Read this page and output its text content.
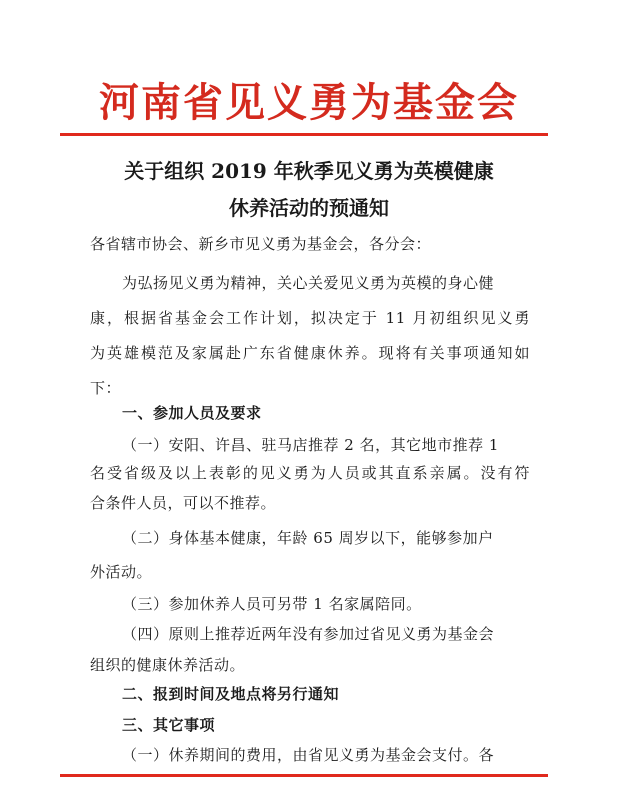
河南省见义勇为基金会
关于组织 2019 年秋季见义勇为英模健康
休养活动的预通知
各省辖市协会、新乡市见义勇为基金会，各分会：
为弘扬见义勇为精神，关心关爱见义勇为英模的身心健
康，根据省基金会工作计划，拟决定于 11 月初组织见义勇
为英雄模范及家属赴广东省健康休养。现将有关事项通知如
下：
一、参加人员及要求
（一）安阳、许昌、驻马店推荐 2 名，其它地市推荐 1
名受省级及以上表彰的见义勇为人员或其直系亲属。没有符
合条件人员，可以不推荐。
（二）身体基本健康，年龄 65 周岁以下，能够参加户
外活动。
（三）参加休养人员可另带 1 名家属陪同。
（四）原则上推荐近两年没有参加过省见义勇为基金会
组织的健康休养活动。
二、报到时间及地点将另行通知
三、其它事项
（一）休养期间的费用，由省见义勇为基金会支付。各
